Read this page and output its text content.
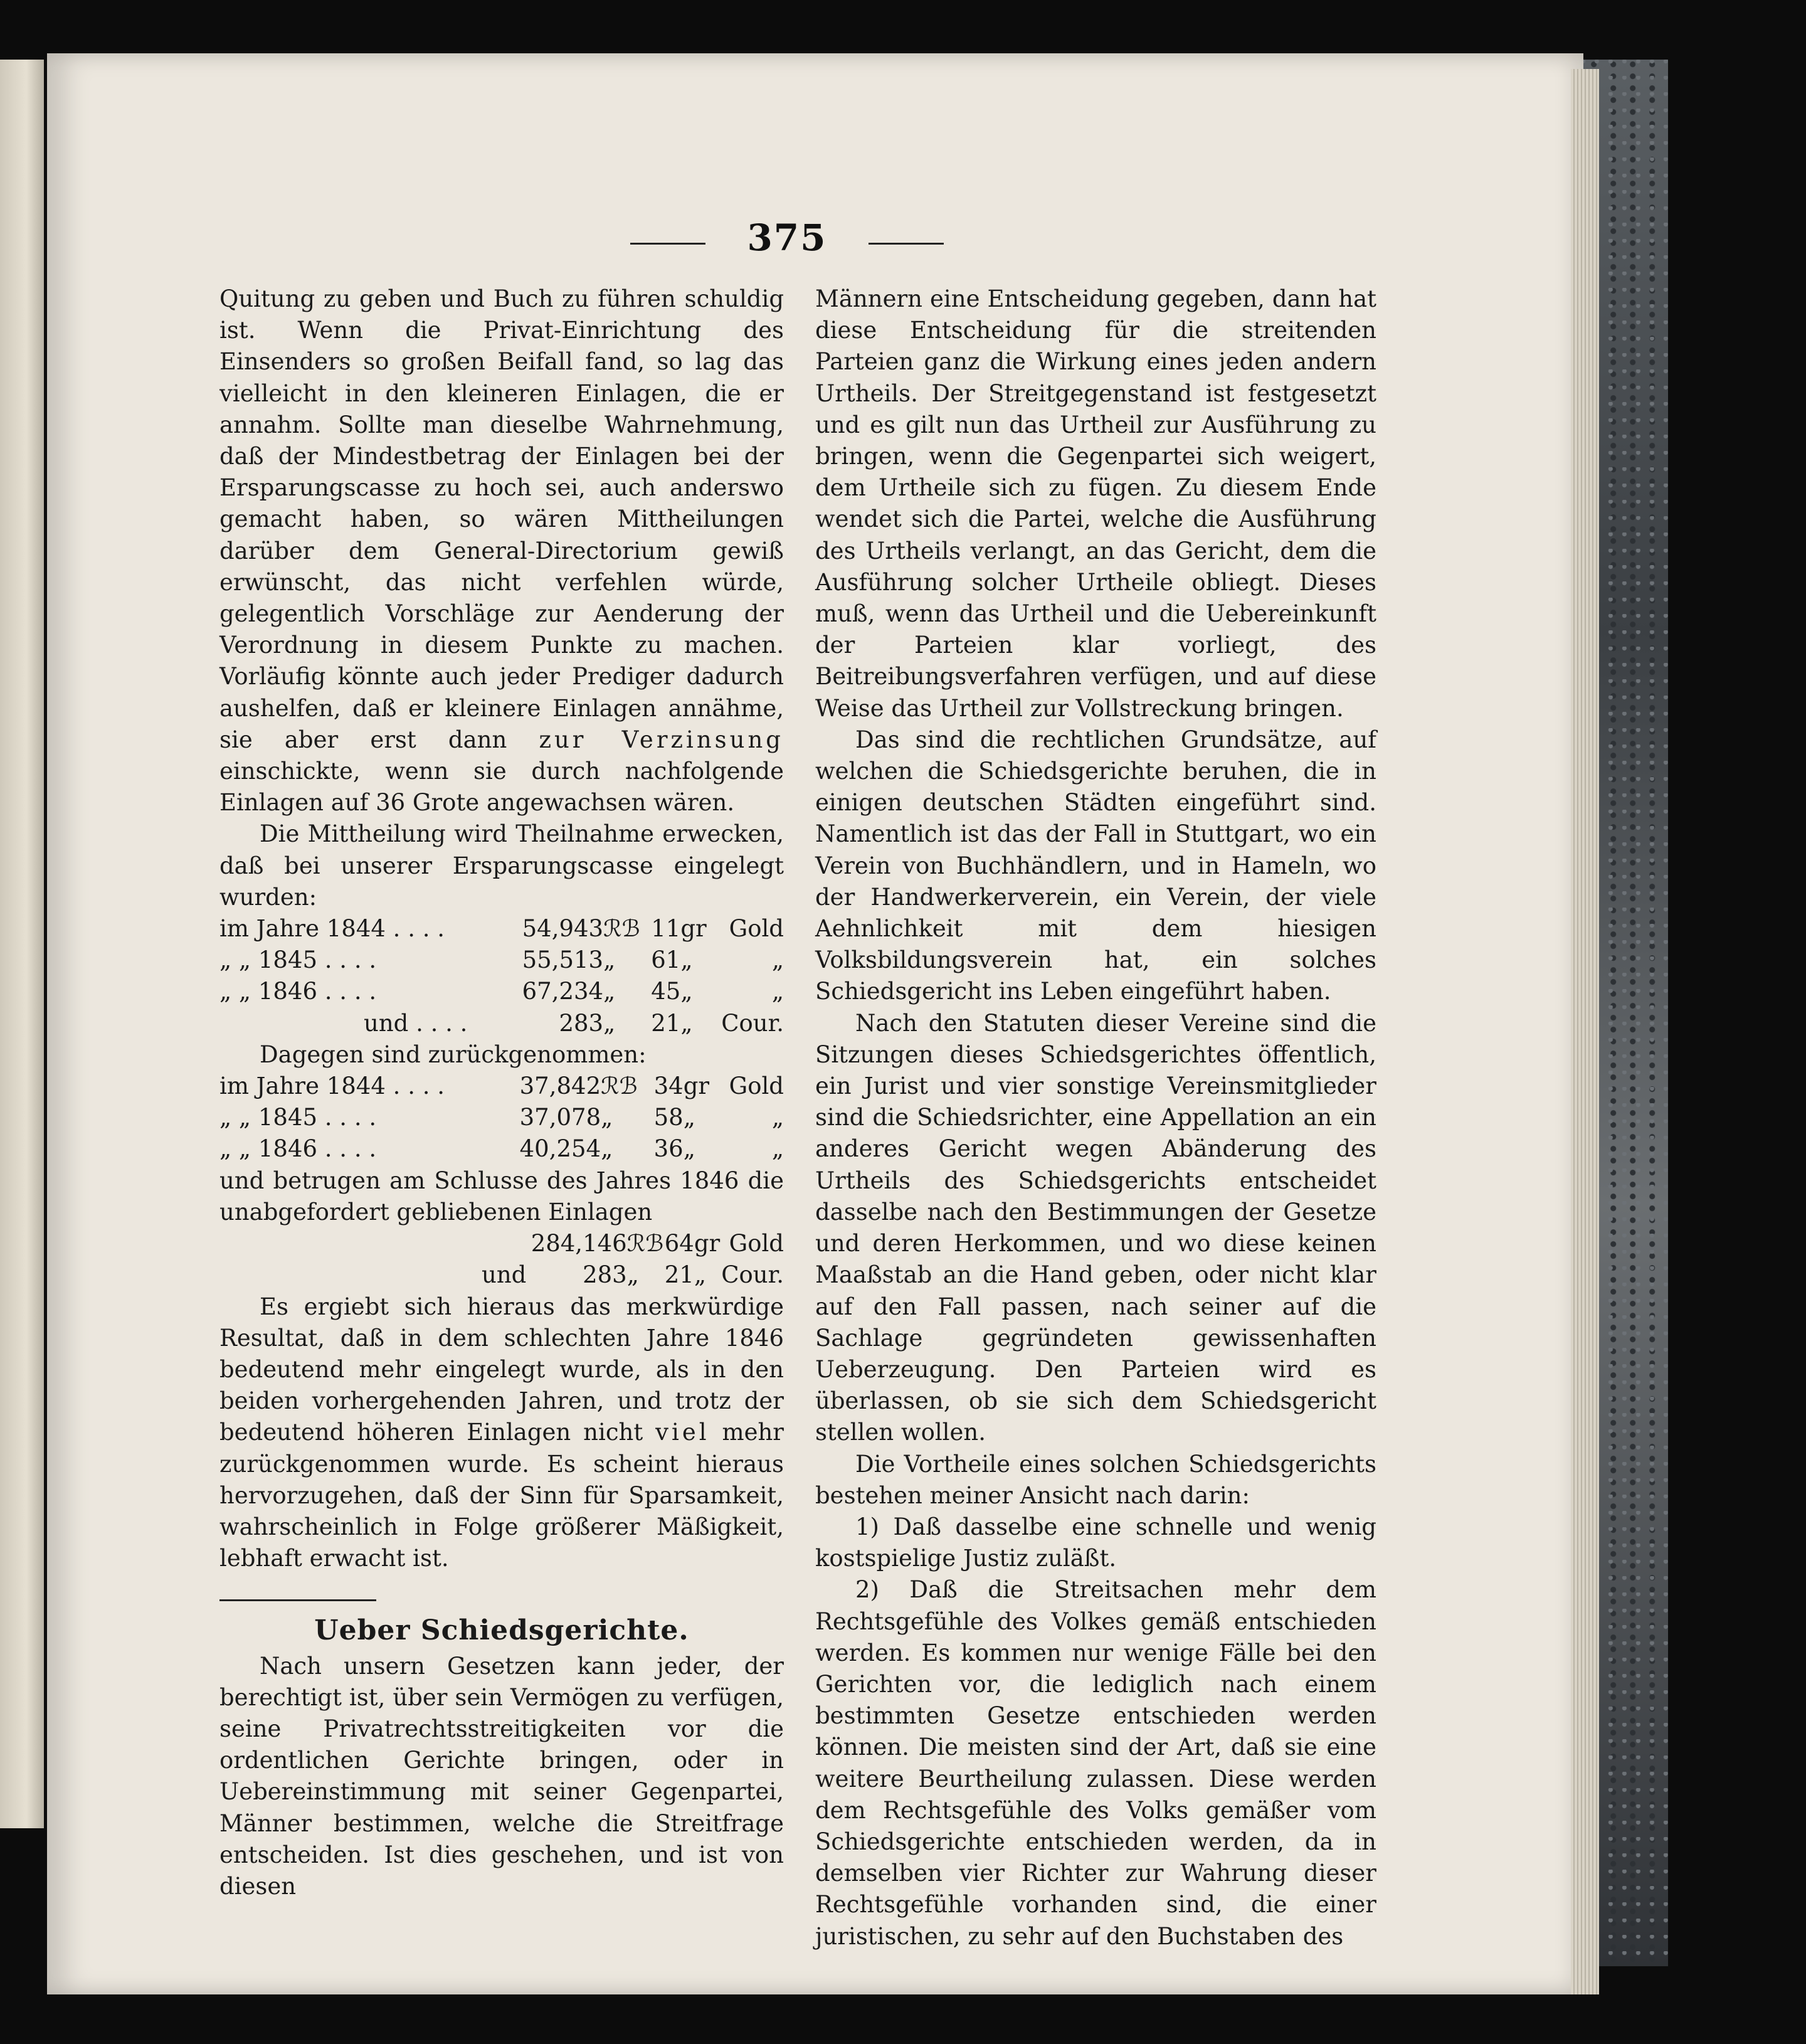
375

Quitung zu geben und Buch zu führen schuldig ist. Wenn die Privat-Einrichtung des Einsenders so großen Beifall fand, so lag das vielleicht in den kleineren Einlagen, die er annahm. Sollte man dieselbe Wahrnehmung, daß der Mindestbetrag der Einlagen bei der Ersparungscasse zu hoch sei, auch anderswo gemacht haben, so wären Mittheilungen darüber dem General-Directorium gewiß erwünscht, das nicht verfehlen würde, gelegentlich Vorschläge zur Aenderung der Verordnung in diesem Punkte zu machen. Vorläufig könnte auch jeder Prediger dadurch aushelfen, daß er kleinere Einlagen annähme, sie aber erst dann zur Verzinsung einschickte, wenn sie durch nachfolgende Einlagen auf 36 Grote angewachsen wären.

Die Mittheilung wird Theilnahme erwecken, daß bei unserer Ersparungscasse eingelegt wurden:

im Jahre 1844 . . . .	54,943	ℛℬ	11	gr	Gold
„ „ 1845 . . . .	55,513	„	61	„	„
„ „ 1846 . . . .	67,234	„	45	„	„
und . . . .	283	„	21	„	Cour.

Dagegen sind zurückgenommen:

im Jahre 1844 . . . .	37,842	ℛℬ	34	gr	Gold
„ „ 1845 . . . .	37,078	„	58	„	„
„ „ 1846 . . . .	40,254	„	36	„	„

und betrugen am Schlusse des Jahres 1846 die unabgefordert gebliebenen Einlagen

	284,146	ℛℬ	64	gr	Gold
und	283	„	21	„	Cour.

Es ergiebt sich hieraus das merkwürdige Resultat, daß in dem schlechten Jahre 1846 bedeutend mehr eingelegt wurde, als in den beiden vorhergehenden Jahren, und trotz der bedeutend höheren Einlagen nicht viel mehr zurückgenommen wurde. Es scheint hieraus hervorzugehen, daß der Sinn für Sparsamkeit, wahrscheinlich in Folge größerer Mäßigkeit, lebhaft erwacht ist.

Ueber Schiedsgerichte.

Nach unsern Gesetzen kann jeder, der berechtigt ist, über sein Vermögen zu verfügen, seine Privatrechtsstreitigkeiten vor die ordentlichen Gerichte bringen, oder in Uebereinstimmung mit seiner Gegenpartei, Männer bestimmen, welche die Streitfrage entscheiden. Ist dies geschehen, und ist von diesen

Männern eine Entscheidung gegeben, dann hat diese Entscheidung für die streitenden Parteien ganz die Wirkung eines jeden andern Urtheils. Der Streitgegenstand ist festgesetzt und es gilt nun das Urtheil zur Ausführung zu bringen, wenn die Gegenpartei sich weigert, dem Urtheile sich zu fügen. Zu diesem Ende wendet sich die Partei, welche die Ausführung des Urtheils verlangt, an das Gericht, dem die Ausführung solcher Urtheile obliegt. Dieses muß, wenn das Urtheil und die Uebereinkunft der Parteien klar vorliegt, des Beitreibungsverfahren verfügen, und auf diese Weise das Urtheil zur Vollstreckung bringen.

Das sind die rechtlichen Grundsätze, auf welchen die Schiedsgerichte beruhen, die in einigen deutschen Städten eingeführt sind. Namentlich ist das der Fall in Stuttgart, wo ein Verein von Buchhändlern, und in Hameln, wo der Handwerkerverein, ein Verein, der viele Aehnlichkeit mit dem hiesigen Volksbildungsverein hat, ein solches Schiedsgericht ins Leben eingeführt haben.

Nach den Statuten dieser Vereine sind die Sitzungen dieses Schiedsgerichtes öffentlich, ein Jurist und vier sonstige Vereinsmitglieder sind die Schiedsrichter, eine Appellation an ein anderes Gericht wegen Abänderung des Urtheils des Schiedsgerichts entscheidet dasselbe nach den Bestimmungen der Gesetze und deren Herkommen, und wo diese keinen Maaßstab an die Hand geben, oder nicht klar auf den Fall passen, nach seiner auf die Sachlage gegründeten gewissenhaften Ueberzeugung. Den Parteien wird es überlassen, ob sie sich dem Schiedsgericht stellen wollen.

Die Vortheile eines solchen Schiedsgerichts bestehen meiner Ansicht nach darin:

1) Daß dasselbe eine schnelle und wenig kostspielige Justiz zuläßt.

2) Daß die Streitsachen mehr dem Rechtsgefühle des Volkes gemäß entschieden werden. Es kommen nur wenige Fälle bei den Gerichten vor, die lediglich nach einem bestimmten Gesetze entschieden werden können. Die meisten sind der Art, daß sie eine weitere Beurtheilung zulassen. Diese werden dem Rechtsgefühle des Volks gemäßer vom Schiedsgerichte entschieden werden, da in demselben vier Richter zur Wahrung dieser Rechtsgefühle vorhanden sind, die einer juristischen, zu sehr auf den Buchstaben des
